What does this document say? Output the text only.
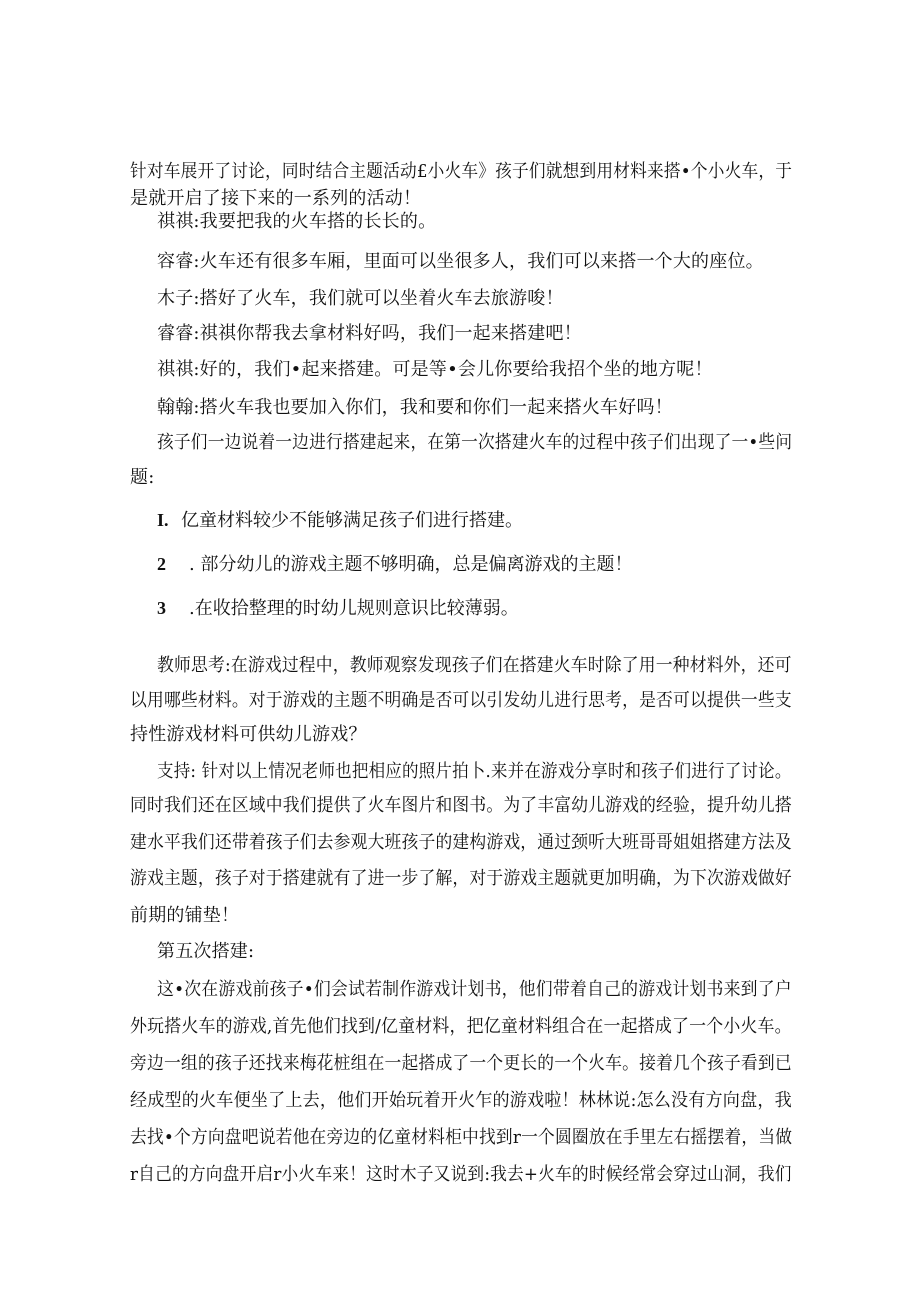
针对车展开了讨论，同时结合主题活动£小火车》孩子们就想到用材料来搭•个小火车，于
是就开启了接下来的一系列的活动！
祺祺:我要把我的火车搭的长长的。
容睿:火车还有很多车厢，里面可以坐很多人，我们可以来搭一个大的座位。
木子:搭好了火车，我们就可以坐着火车去旅游唆！
睿睿:祺祺你帮我去拿材料好吗，我们一起来搭建吧！
祺祺:好的，我们•起来搭建。可是等•会儿你要给我招个坐的地方呢！
翰翰:搭火车我也要加入你们，我和要和你们一起来搭火车好吗！
孩子们一边说着一边进行搭建起来，在第一次搭建火车的过程中孩子们出现了一•些问
题:
I. 亿童材料较少不能够满足孩子们进行搭建。
2 . 部分幼儿的游戏主题不够明确，总是偏离游戏的主题！
3 .在收拾整理的时幼儿规则意识比较薄弱。
教师思考:在游戏过程中，教师观察发现孩子们在搭建火车时除了用一种材料外，还可
以用哪些材料。对于游戏的主题不明确是否可以引发幼儿进行思考，是否可以提供一些支
持性游戏材料可供幼儿游戏？
支持: 针对以上情况老师也把相应的照片拍卜.来并在游戏分享时和孩子们进行了讨论。
同时我们还在区域中我们提供了火车图片和图书。为了丰富幼儿游戏的经验，提升幼儿搭
建水平我们还带着孩子们去参观大班孩子的建构游戏，通过颈听大班哥哥姐姐搭建方法及
游戏主题，孩子对于搭建就有了进一步了解，对于游戏主题就更加明确，为下次游戏做好
前期的铺垫！
第五次搭建:
这•次在游戏前孩子•们会试若制作游戏计划书，他们带着自己的游戏计划书来到了户
外玩搭火车的游戏,首先他们找到/亿童材料，把亿童材料组合在一起搭成了一个小火车。
旁边一组的孩子还找来梅花桩组在一起搭成了一个更长的一个火车。接着几个孩子看到已
经成型的火车便坐了上去，他们开始玩着开火乍的游戏啦！林林说:怎么没有方向盘，我
去找•个方向盘吧说若他在旁边的亿童材料柜中找到r一个圆圈放在手里左右摇摆着，当做
r自己的方向盘开启r小火车来！这时木子又说到:我去+火车的时候经常会穿过山洞，我们
